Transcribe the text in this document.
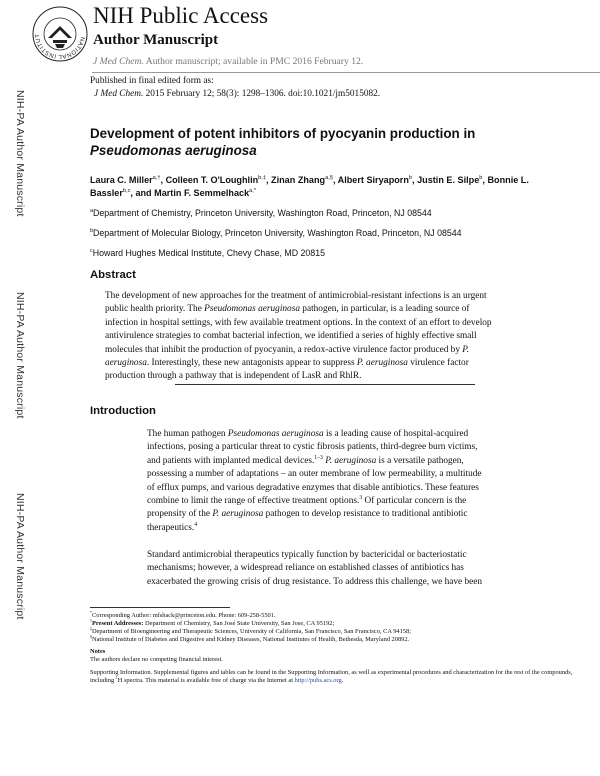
NATIONAL INSTITUT
NIH Public Access
Author Manuscript
J Med Chem. Author manuscript; available in PMC 2016 February 12.
Published in final edited form as:
J Med Chem. 2015 February 12; 58(3): 1298–1306. doi:10.1021/jm5015082.
NIH-PA Author Manuscript
NIH-PA Author Manuscript
NIH-PA Author Manuscript
Development of potent inhibitors of pyocyanin production in
Pseudomonas aeruginosa
Laura C. Miller$^{a,\dagger}$, Colleen T. O'Loughlin$^{b,\ddagger}$, Zinan Zhang$^{a,\S}$, Albert Siryaporn$^b$, Justin E. Silpe$^b$, Bonnie L. Bassler$^{b,c}$, and Martin F. Semmelhack$^{a,*}$
$^a$Department of Chemistry, Princeton University, Washington Road, Princeton, NJ 08544
$^b$Department of Molecular Biology, Princeton University, Washington Road, Princeton, NJ 08544
$^c$Howard Hughes Medical Institute, Chevy Chase, MD 20815
Abstract
The development of new approaches for the treatment of antimicrobial-resistant infections is an urgent public health priority. The Pseudomonas aeruginosa pathogen, in particular, is a leading source of infection in hospital settings, with few available treatment options. In the context of an effort to develop antivirulence strategies to combat bacterial infection, we identified a series of highly effective small molecules that inhibit the production of pyocyanin, a redox-active virulence factor produced by P. aeruginosa. Interestingly, these new antagonists appear to suppress P. aeruginosa virulence factor production through a pathway that is independent of LasR and RhlR.
Introduction
The human pathogen Pseudomonas aeruginosa is a leading cause of hospital-acquired infections, posing a particular threat to cystic fibrosis patients, third-degree burn victims, and patients with implanted medical devices.$^{1-3}$ P. aeruginosa is a versatile pathogen, possessing a number of adaptations – an outer membrane of low permeability, a multitude of efflux pumps, and various degradative enzymes that disable antibiotics. These features combine to limit the range of effective treatment options.$^3$ Of particular concern is the propensity of the P. aeruginosa pathogen to develop resistance to traditional antibiotic therapeutics.$^4$
Standard antimicrobial therapeutics typically function by bactericidal or bacteriostatic mechanisms; however, a widespread reliance on established classes of antibiotics has exacerbated the growing crisis of drug resistance. To address this challenge, we have been
*Corresponding Author: mfshack@princeton.edu. Phone: 609-258-5501.
†Present Addresses: Department of Chemistry, San José State University, San Jose, CA 95192;
‡Department of Bioengineering and Therapeutic Sciences, University of California, San Francisco, San Francisco, CA 94158;
§National Institute of Diabetes and Digestive and Kidney Diseases, National Institutes of Health, Bethesda, Maryland 20892.
Notes
The authors declare no competing financial interest.
Supporting Information. Supplemental figures and tables can be found in the Supporting Information, as well as experimental procedures and characterization for the rest of the compounds, including $^1$H spectra. This material is available free of charge via the Internet at http://pubs.acs.org.
